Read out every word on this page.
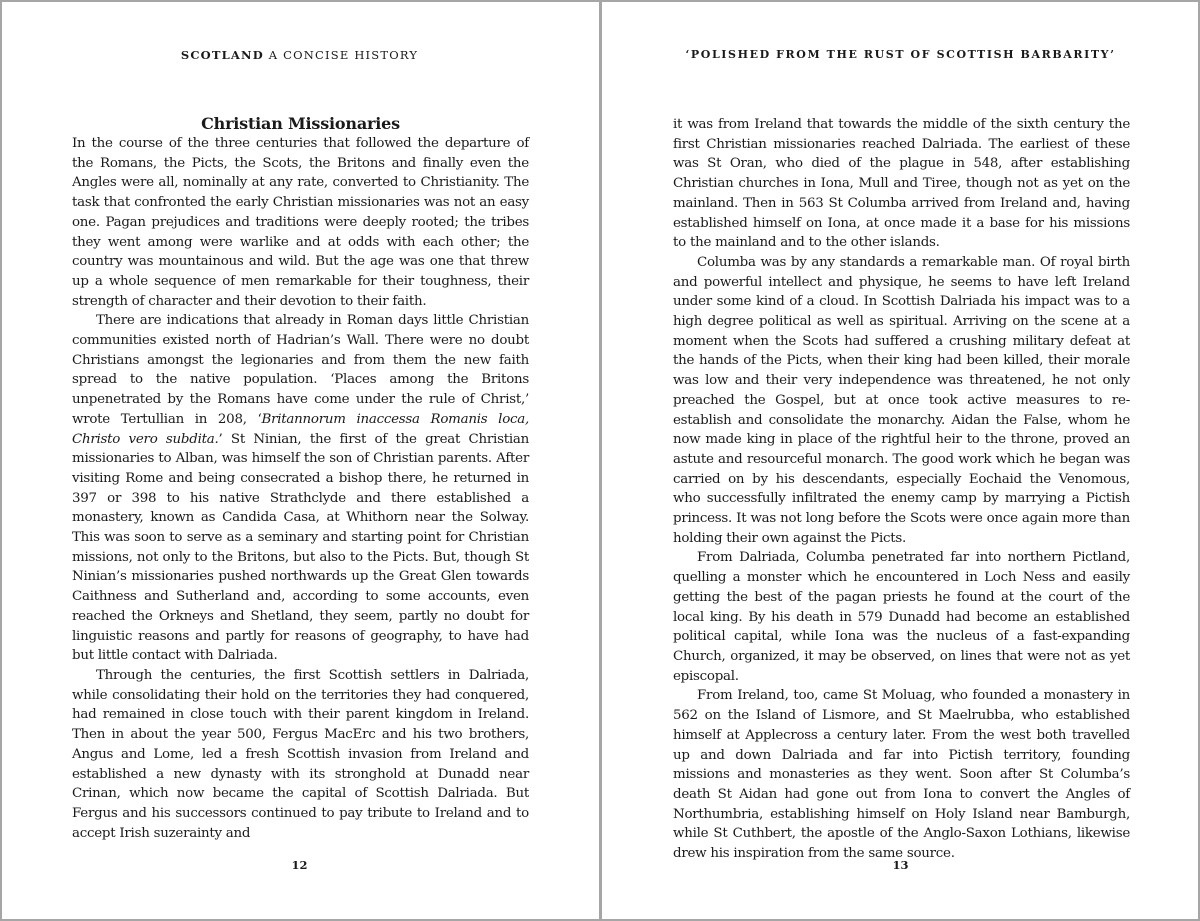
SCOTLAND A CONCISE HISTORY
Christian Missionaries

In the course of the three centuries that followed the departure of the Romans, the Picts, the Scots, the Britons and finally even the Angles were all, nominally at any rate, converted to Christianity. The task that confronted the early Christian missionaries was not an easy one. Pagan prejudices and traditions were deeply rooted; the tribes they went among were warlike and at odds with each other; the country was mountainous and wild. But the age was one that threw up a whole sequence of men remarkable for their toughness, their strength of character and their devotion to their faith.

There are indications that already in Roman days little Christian communities existed north of Hadrian’s Wall. There were no doubt Christians amongst the legionaries and from them the new faith spread to the native population. ‘Places among the Britons unpenetrated by the Romans have come under the rule of Christ,’ wrote Tertullian in 208, ‘Britannorum inaccessa Romanis loca, Christo vero subdita.’ St Ninian, the first of the great Christian missionaries to Alban, was himself the son of Christian parents. After visiting Rome and being consecrated a bishop there, he returned in 397 or 398 to his native Strathclyde and there established a monastery, known as Candida Casa, at Whithorn near the Solway. This was soon to serve as a seminary and starting point for Christian missions, not only to the Britons, but also to the Picts. But, though St Ninian’s missionaries pushed northwards up the Great Glen towards Caithness and Sutherland and, according to some accounts, even reached the Orkneys and Shetland, they seem, partly no doubt for linguistic reasons and partly for reasons of geography, to have had but little contact with Dalriada.

Through the centuries, the first Scottish settlers in Dalriada, while consolidating their hold on the territories they had conquered, had remained in close touch with their parent kingdom in Ireland. Then in about the year 500, Fergus MacErc and his two brothers, Angus and Lome, led a fresh Scottish invasion from Ireland and established a new dynasty with its stronghold at Dunadd near Crinan, which now became the capital of Scottish Dalriada. But Fergus and his successors continued to pay tribute to Ireland and to accept Irish suzerainty and

12
‘POLISHED FROM THE RUST OF SCOTTISH BARBARITY’

it was from Ireland that towards the middle of the sixth century the first Christian missionaries reached Dalriada. The earliest of these was St Oran, who died of the plague in 548, after establishing Christian churches in Iona, Mull and Tiree, though not as yet on the mainland. Then in 563 St Columba arrived from Ireland and, having established himself on Iona, at once made it a base for his missions to the mainland and to the other islands.

Columba was by any standards a remarkable man. Of royal birth and powerful intellect and physique, he seems to have left Ireland under some kind of a cloud. In Scottish Dalriada his impact was to a high degree political as well as spiritual. Arriving on the scene at a moment when the Scots had suffered a crushing military defeat at the hands of the Picts, when their king had been killed, their morale was low and their very independence was threatened, he not only preached the Gospel, but at once took active measures to re-establish and consolidate the monarchy. Aidan the False, whom he now made king in place of the rightful heir to the throne, proved an astute and resourceful monarch. The good work which he began was carried on by his descendants, especially Eochaid the Venomous, who successfully infiltrated the enemy camp by marrying a Pictish princess. It was not long before the Scots were once again more than holding their own against the Picts.

From Dalriada, Columba penetrated far into northern Pictland, quelling a monster which he encountered in Loch Ness and easily getting the best of the pagan priests he found at the court of the local king. By his death in 579 Dunadd had become an established political capital, while Iona was the nucleus of a fast-expanding Church, organized, it may be observed, on lines that were not as yet episcopal.

From Ireland, too, came St Moluag, who founded a monastery in 562 on the Island of Lismore, and St Maelrubba, who established himself at Applecross a century later. From the west both travelled up and down Dalriada and far into Pictish territory, founding missions and monasteries as they went. Soon after St Columba’s death St Aidan had gone out from Iona to convert the Angles of Northumbria, establishing himself on Holy Island near Bamburgh, while St Cuthbert, the apostle of the Anglo-Saxon Lothians, likewise drew his inspiration from the same source.

13
